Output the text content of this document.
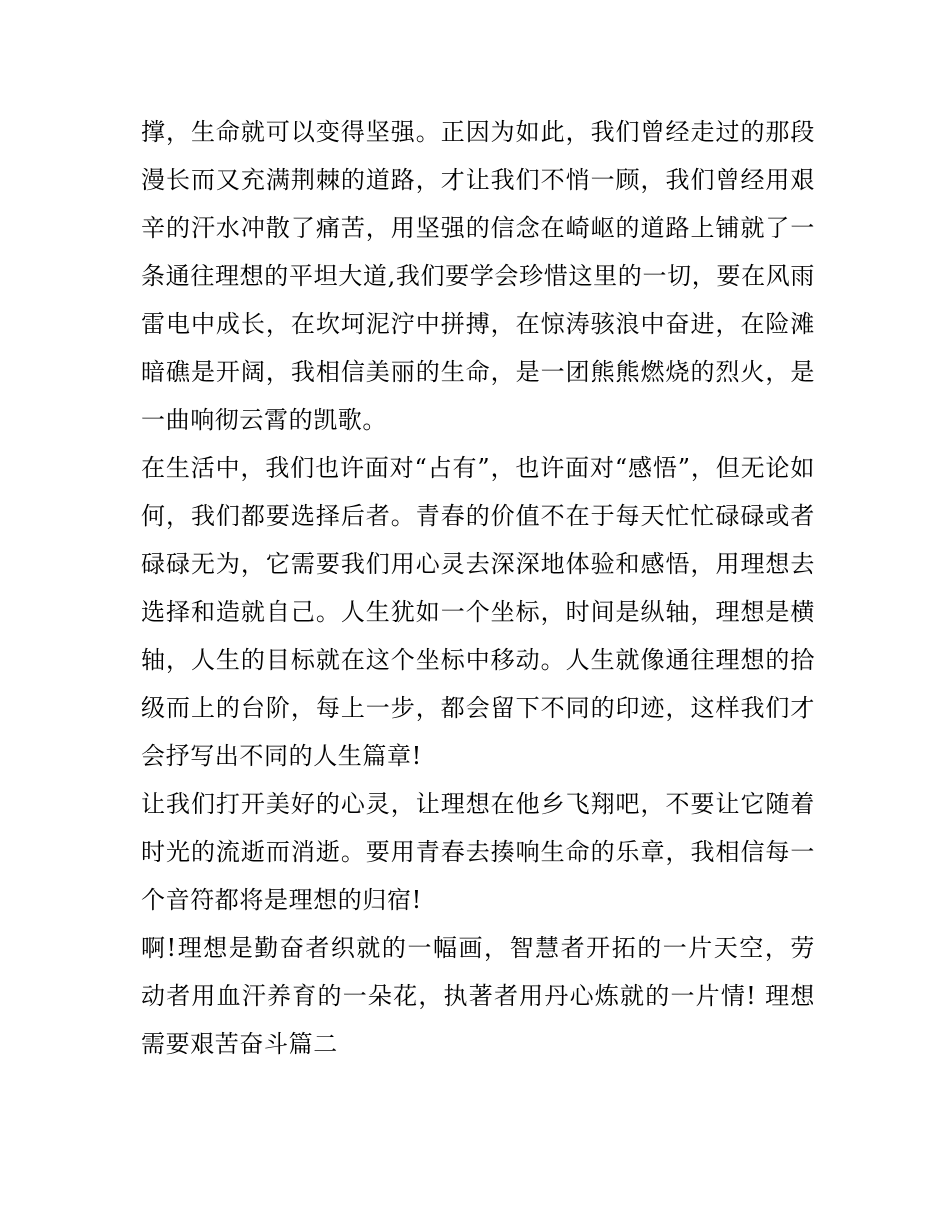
撑，生命就可以变得坚强。正因为如此，我们曾经走过的那段漫长而又充满荆棘的道路，才让我们不悄一顾，我们曾经用艰辛的汗水冲散了痛苦，用坚强的信念在崎岖的道路上铺就了一条通往理想的平坦大道,我们要学会珍惜这里的一切，要在风雨雷电中成长，在坎坷泥泞中拼搏，在惊涛骇浪中奋进，在险滩暗礁是开阔，我相信美丽的生命，是一团熊熊燃烧的烈火，是一曲响彻云霄的凯歌。

在生活中，我们也许面对“占有”，也许面对“感悟”，但无论如何，我们都要选择后者。青春的价值不在于每天忙忙碌碌或者碌碌无为，它需要我们用心灵去深深地体验和感悟，用理想去选择和造就自己。人生犹如一个坐标，时间是纵轴，理想是横轴，人生的目标就在这个坐标中移动。人生就像通往理想的拾级而上的台阶，每上一步，都会留下不同的印迹，这样我们才会抒写出不同的人生篇章!

让我们打开美好的心灵，让理想在他乡飞翔吧，不要让它随着时光的流逝而消逝。要用青春去揍响生命的乐章，我相信每一个音符都将是理想的归宿!

啊!理想是勤奋者织就的一幅画，智慧者开拓的一片天空，劳动者用血汗养育的一朵花，执著者用丹心炼就的一片情! 理想需要艰苦奋斗篇二
